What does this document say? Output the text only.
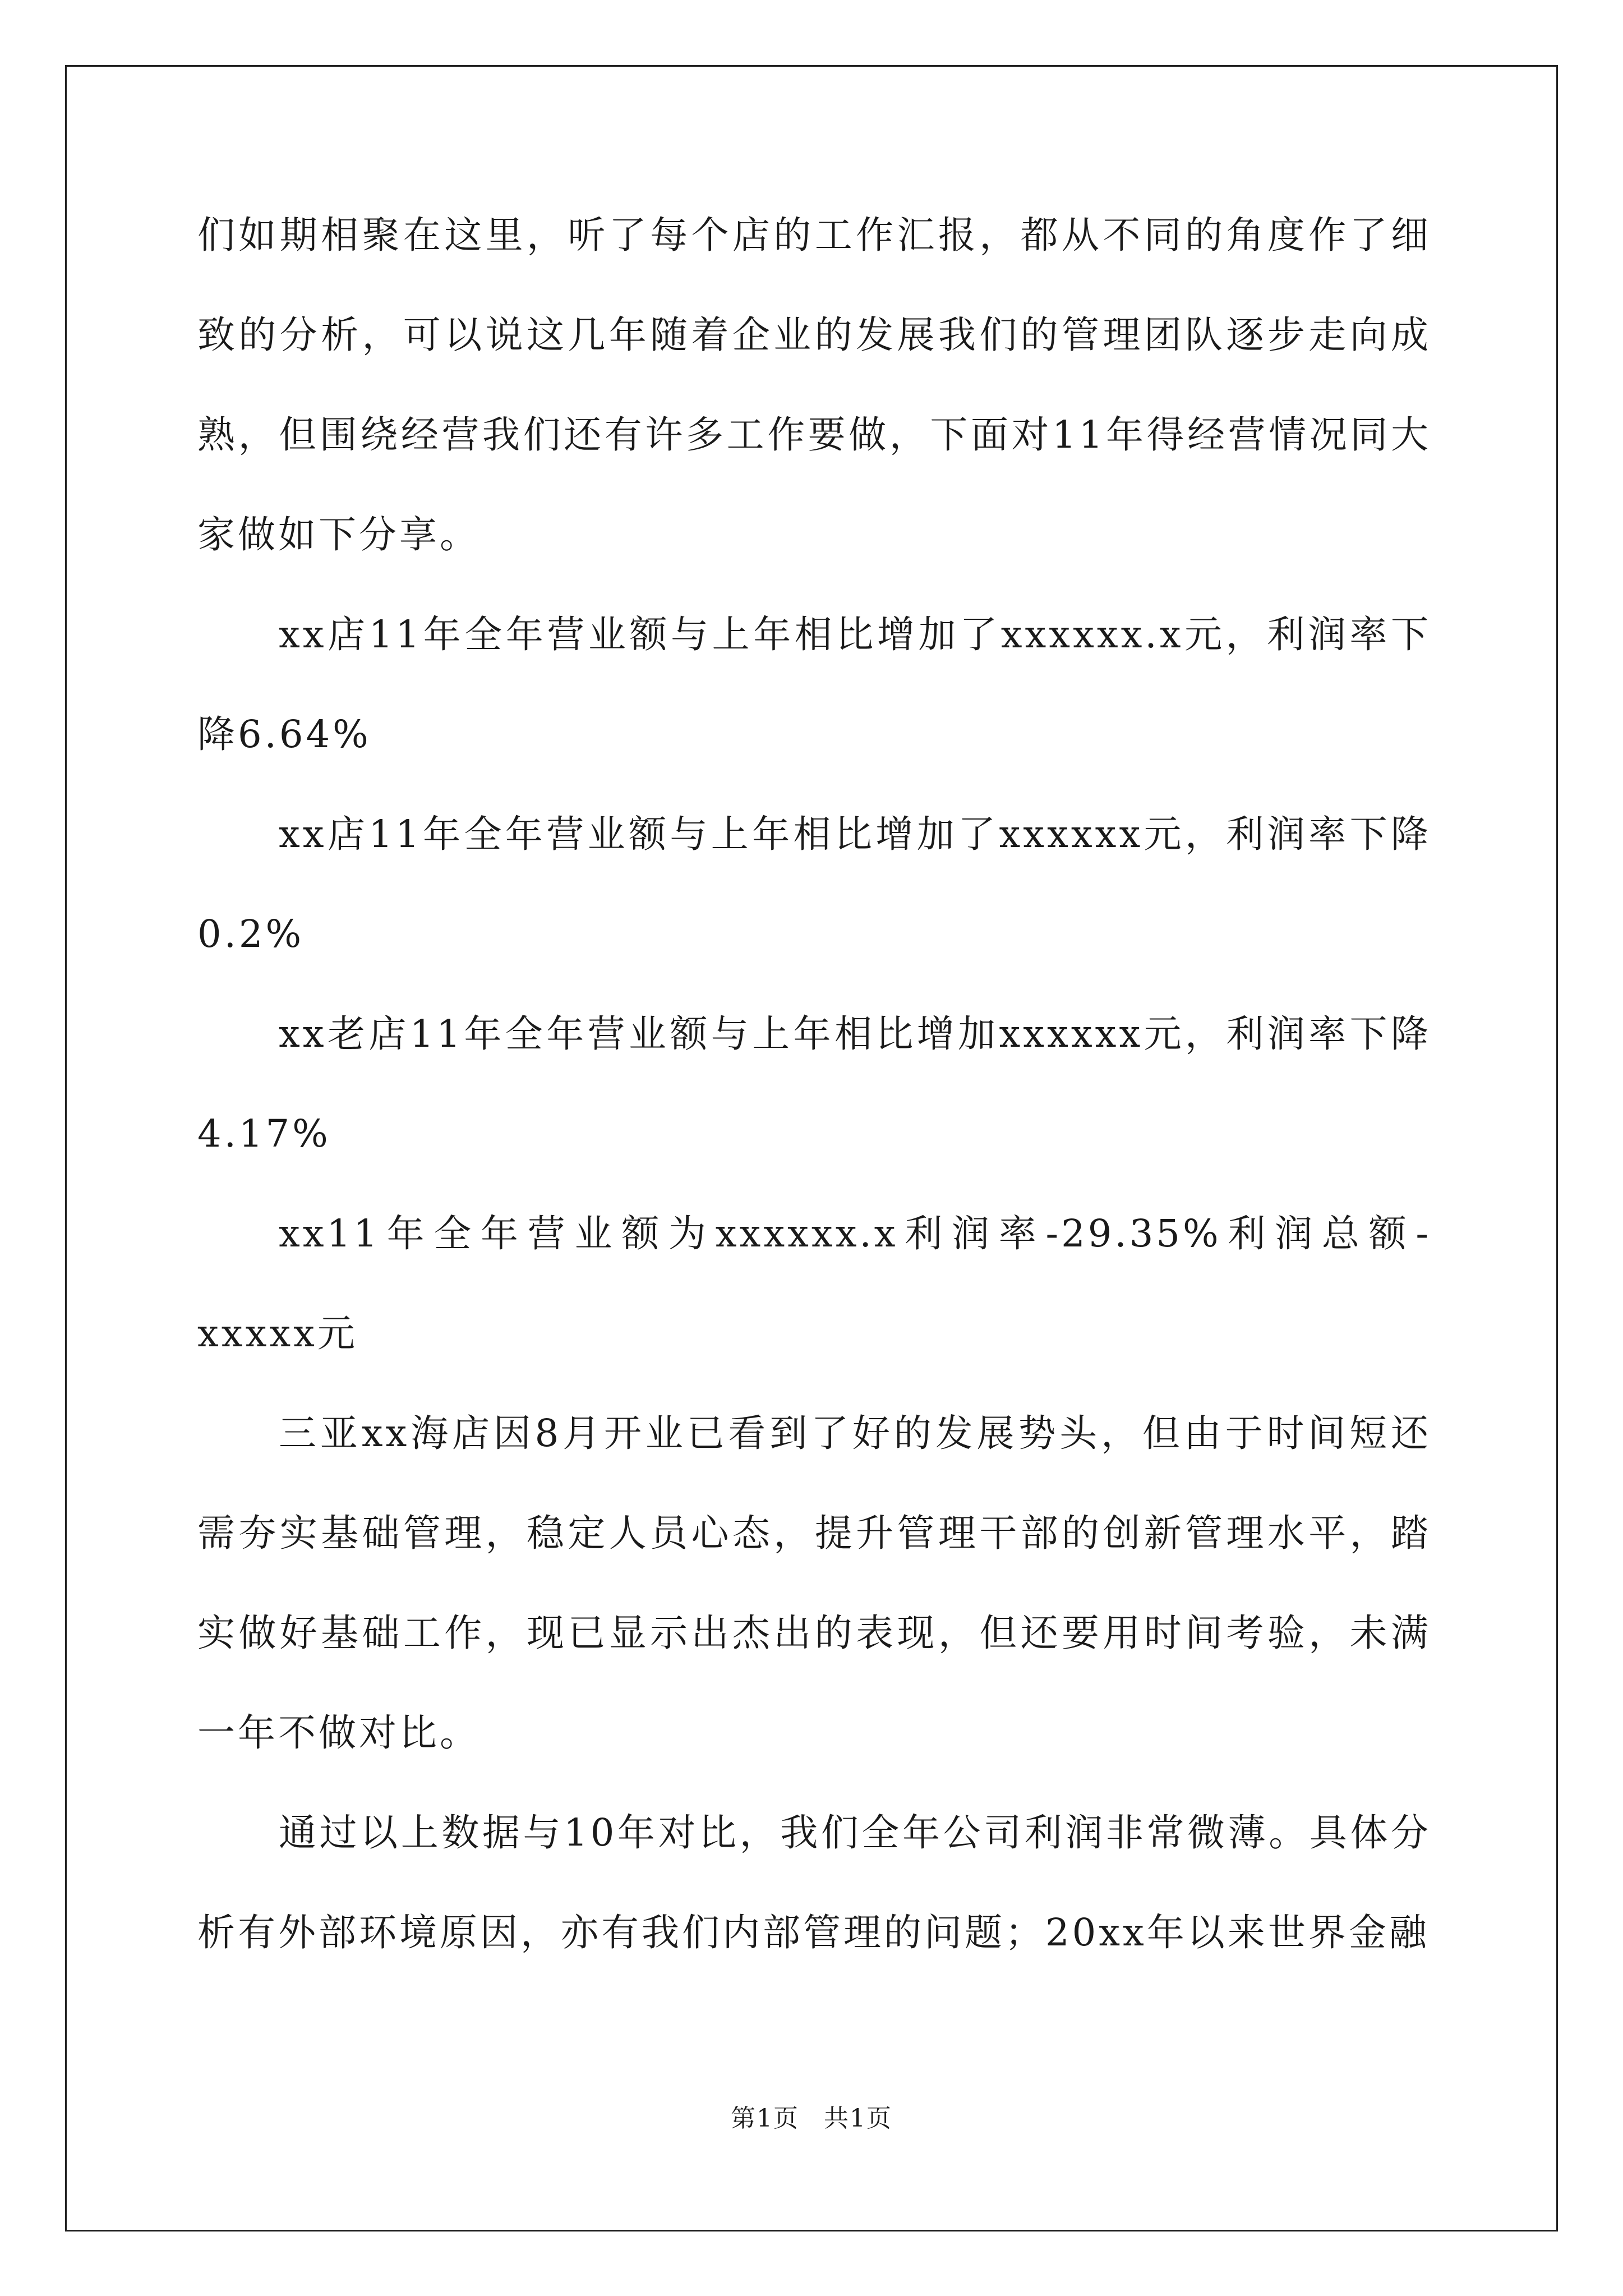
们如期相聚在这里，听了每个店的工作汇报，都从不同的角度作了细致的分析，可以说这几年随着企业的发展我们的管理团队逐步走向成熟，但围绕经营我们还有许多工作要做，下面对11年得经营情况同大家做如下分享。

xx店11年全年营业额与上年相比增加了xxxxxx.x元，利润率下降6.64%

xx店11年全年营业额与上年相比增加了xxxxxx元，利润率下降0.2%

xx老店11年全年营业额与上年相比增加xxxxxx元，利润率下降4.17%

xx11年全年营业额为xxxxxx.x利润率-29.35%利润总额-xxxxx元

三亚xx海店因8月开业已看到了好的发展势头，但由于时间短还需夯实基础管理，稳定人员心态，提升管理干部的创新管理水平，踏实做好基础工作，现已显示出杰出的表现，但还要用时间考验，未满一年不做对比。

通过以上数据与10年对比，我们全年公司利润非常微薄。具体分析有外部环境原因，亦有我们内部管理的问题；20xx年以来世界金融

第1页 共1页
